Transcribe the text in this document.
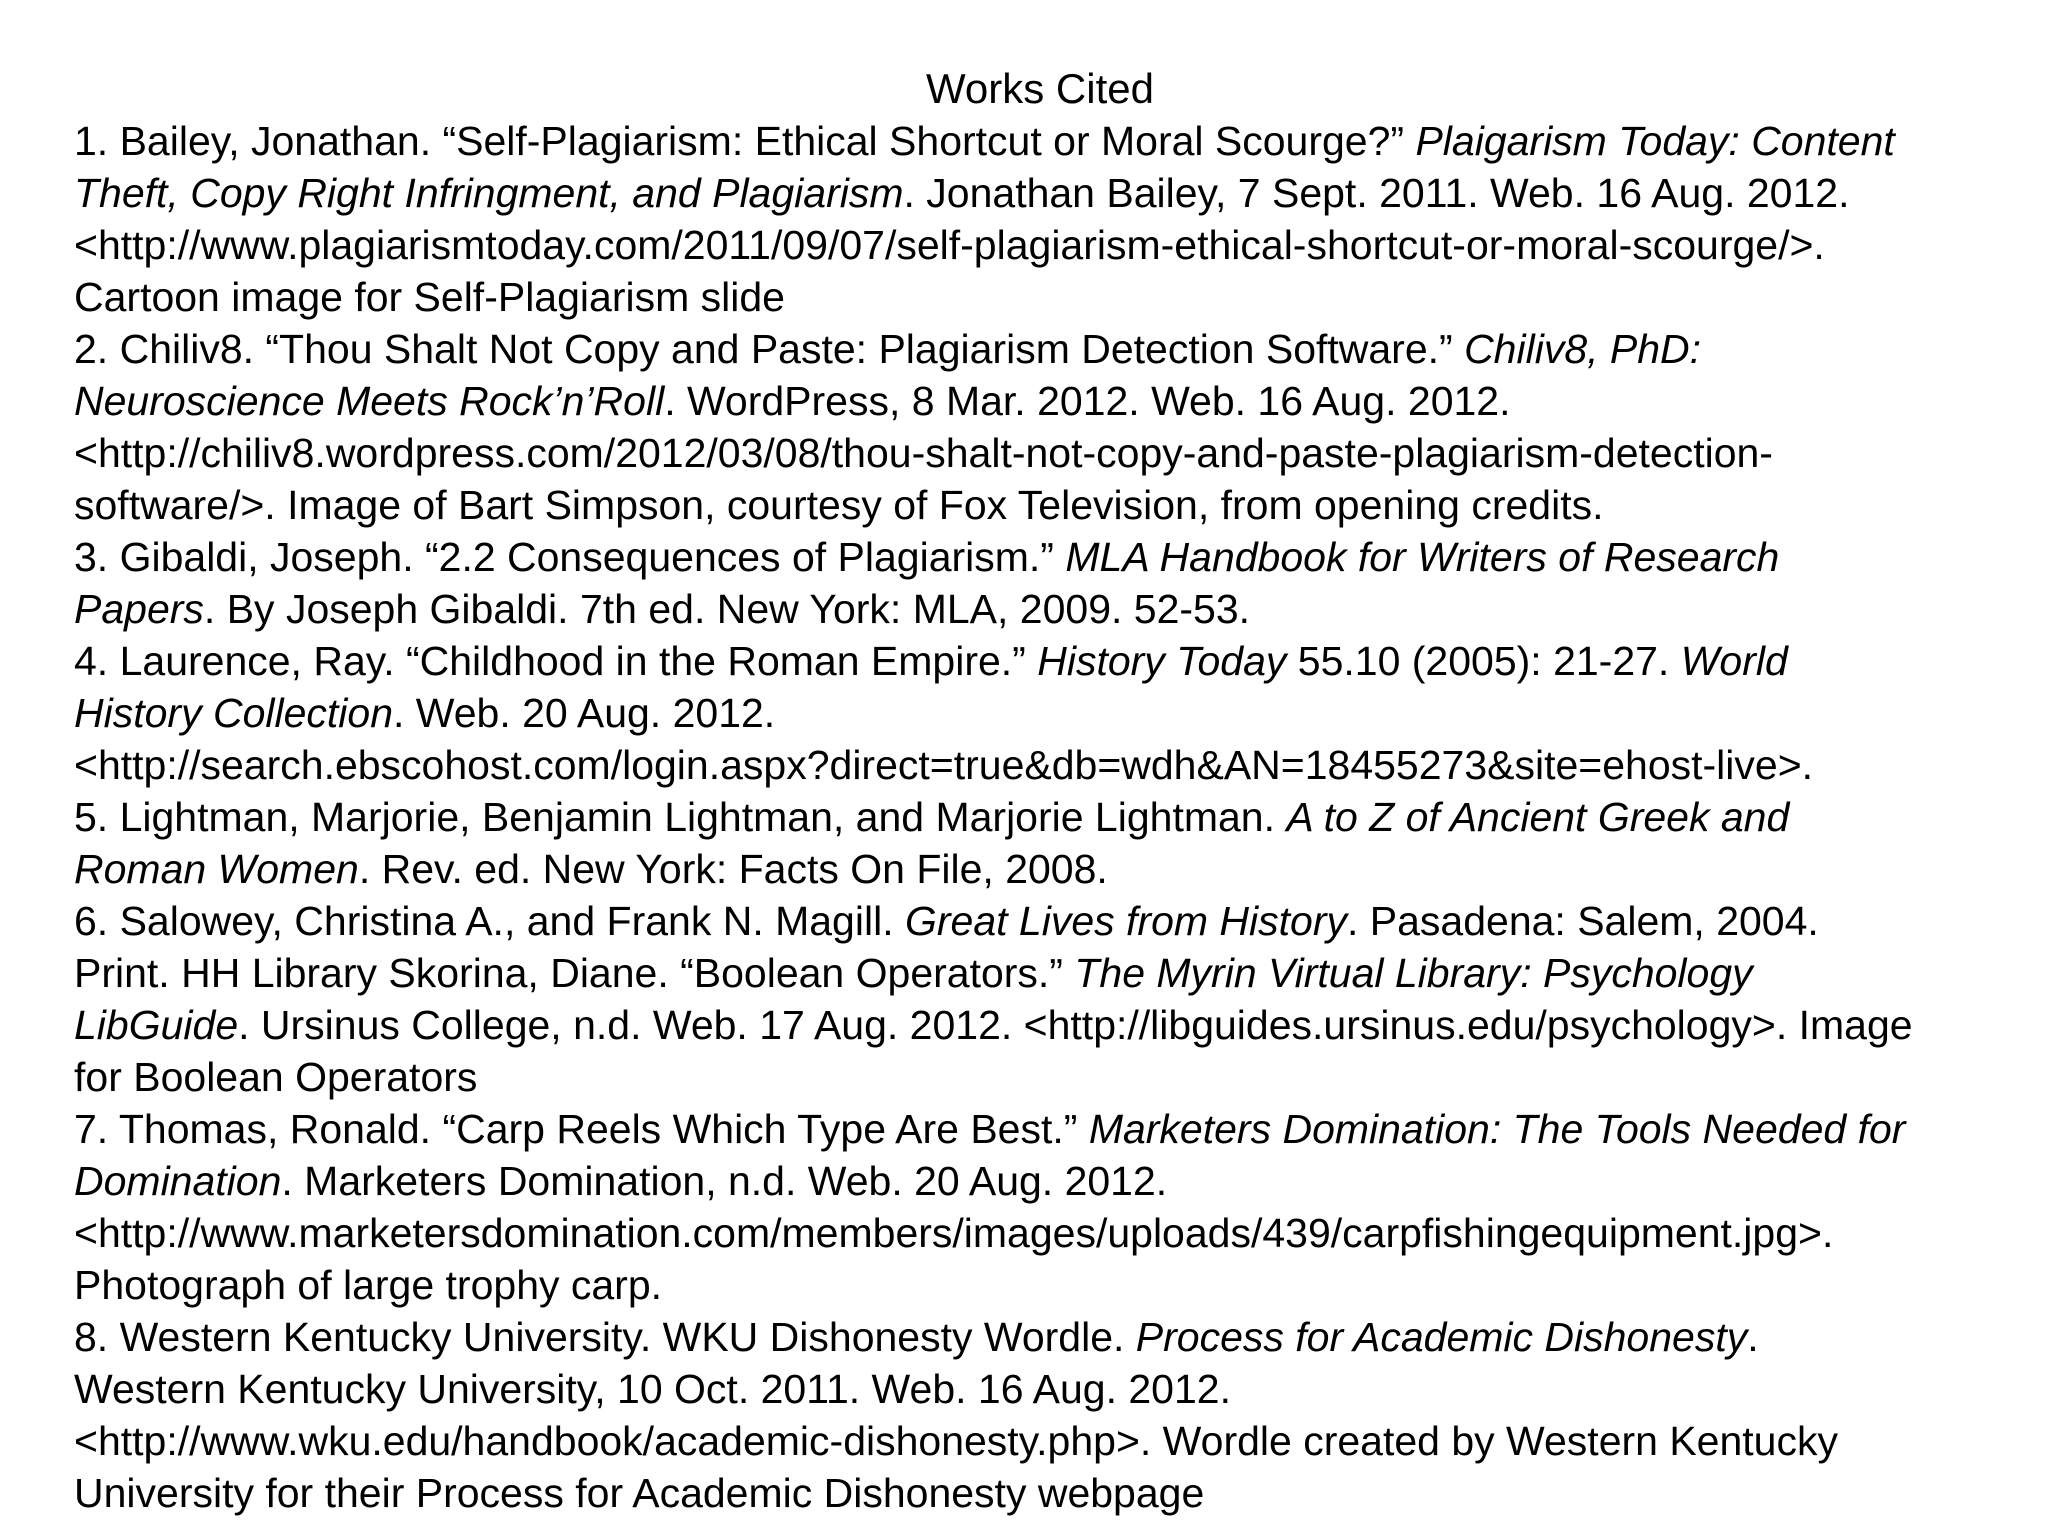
Works Cited
1. Bailey, Jonathan. “Self-Plagiarism: Ethical Shortcut or Moral Scourge?” Plaigarism Today: Content
Theft, Copy Right Infringment, and Plagiarism. Jonathan Bailey, 7 Sept. 2011. Web. 16 Aug. 2012.
<http://www.plagiarismtoday.com/2011/09/07/self-plagiarism-ethical-shortcut-or-moral-scourge/>.
Cartoon image for Self-Plagiarism slide
2. Chiliv8. “Thou Shalt Not Copy and Paste: Plagiarism Detection Software.” Chiliv8, PhD:
Neuroscience Meets Rock’n’Roll. WordPress, 8 Mar. 2012. Web. 16 Aug. 2012.
<http://chiliv8.wordpress.com/2012/03/08/thou-shalt-not-copy-and-paste-plagiarism-detection-
software/>. Image of Bart Simpson, courtesy of Fox Television, from opening credits.
3. Gibaldi, Joseph. “2.2 Consequences of Plagiarism.” MLA Handbook for Writers of Research
Papers. By Joseph Gibaldi. 7th ed. New York: MLA, 2009. 52-53.
4. Laurence, Ray. “Childhood in the Roman Empire.” History Today 55.10 (2005): 21-27. World
History Collection. Web. 20 Aug. 2012.
<http://search.ebscohost.com/login.aspx?direct=true&db=wdh&AN=18455273&site=ehost-live>.
5. Lightman, Marjorie, Benjamin Lightman, and Marjorie Lightman. A to Z of Ancient Greek and
Roman Women. Rev. ed. New York: Facts On File, 2008.
6. Salowey, Christina A., and Frank N. Magill. Great Lives from History. Pasadena: Salem, 2004.
Print. HH Library Skorina, Diane. “Boolean Operators.” The Myrin Virtual Library: Psychology
LibGuide. Ursinus College, n.d. Web. 17 Aug. 2012. <http://libguides.ursinus.edu/psychology>. Image
for Boolean Operators
7. Thomas, Ronald. “Carp Reels Which Type Are Best.” Marketers Domination: The Tools Needed for
Domination. Marketers Domination, n.d. Web. 20 Aug. 2012.
<http://www.marketersdomination.com/members/images/uploads/439/carpfishingequipment.jpg>.
Photograph of large trophy carp.
8. Western Kentucky University. WKU Dishonesty Wordle. Process for Academic Dishonesty.
Western Kentucky University, 10 Oct. 2011. Web. 16 Aug. 2012.
<http://www.wku.edu/handbook/academic-dishonesty.php>. Wordle created by Western Kentucky
University for their Process for Academic Dishonesty webpage
